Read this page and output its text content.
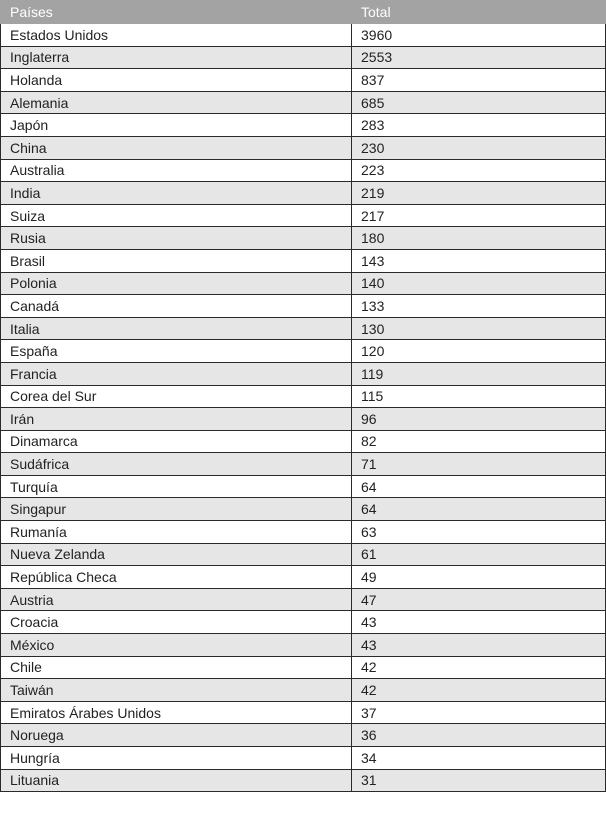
Países	Total
Estados Unidos	3960
Inglaterra	2553
Holanda	837
Alemania	685
Japón	283
China	230
Australia	223
India	219
Suiza	217
Rusia	180
Brasil	143
Polonia	140
Canadá	133
Italia	130
España	120
Francia	119
Corea del Sur	115
Irán	96
Dinamarca	82
Sudáfrica	71
Turquía	64
Singapur	64
Rumanía	63
Nueva Zelanda	61
República Checa	49
Austria	47
Croacia	43
México	43
Chile	42
Taiwán	42
Emiratos Árabes Unidos	37
Noruega	36
Hungría	34
Lituania	31
